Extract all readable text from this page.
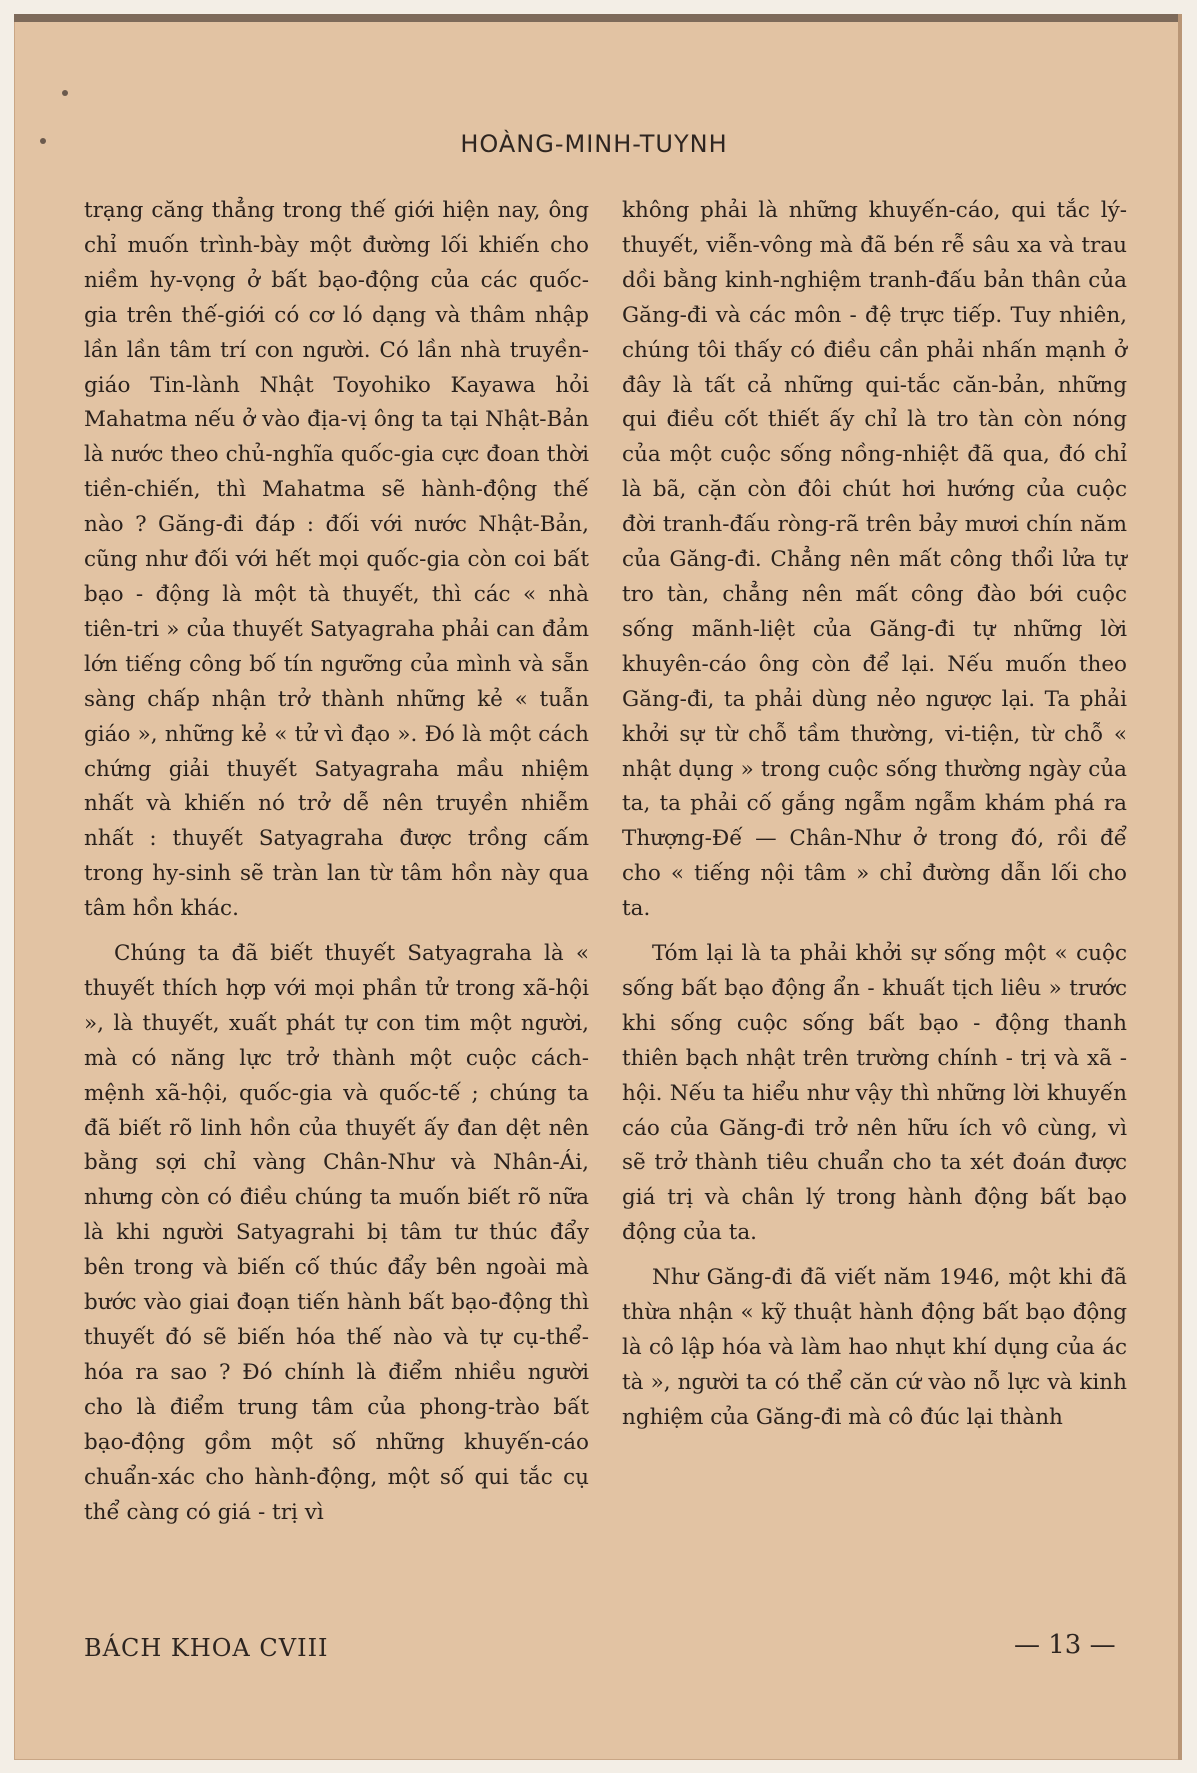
HOÀNG-MINH-TUYNH

trạng căng thẳng trong thế giới hiện nay, ông chỉ muốn trình-bày một đường lối khiến cho niềm hy-vọng ở bất bạo-động của các quốc-gia trên thế-giới có cơ ló dạng và thâm nhập lần lần tâm trí con người. Có lần nhà truyền-giáo Tin-lành Nhật Toyohiko Kayawa hỏi Mahatma nếu ở vào địa-vị ông ta tại Nhật-Bản là nước theo chủ-nghĩa quốc-gia cực đoan thời tiền-chiến, thì Mahatma sẽ hành-động thế nào ? Găng-đi đáp : đối với nước Nhật-Bản, cũng như đối với hết mọi quốc-gia còn coi bất bạo - động là một tà thuyết, thì các « nhà tiên-tri » của thuyết Satyagraha phải can đảm lớn tiếng công bố tín ngưỡng của mình và sẵn sàng chấp nhận trở thành những kẻ « tuẫn giáo », những kẻ « tử vì đạo ». Đó là một cách chứng giải thuyết Satyagraha mầu nhiệm nhất và khiến nó trở dễ nên truyền nhiễm nhất : thuyết Satyagraha được trồng cấm trong hy-sinh sẽ tràn lan từ tâm hồn này qua tâm hồn khác.

Chúng ta đã biết thuyết Satyagraha là « thuyết thích hợp với mọi phần tử trong xã-hội », là thuyết, xuất phát tự con tim một người, mà có năng lực trở thành một cuộc cách-mệnh xã-hội, quốc-gia và quốc-tế ; chúng ta đã biết rõ linh hồn của thuyết ấy đan dệt nên bằng sợi chỉ vàng Chân-Như và Nhân-Ái, nhưng còn có điều chúng ta muốn biết rõ nữa là khi người Satyagrahi bị tâm tư thúc đẩy bên trong và biến cố thúc đẩy bên ngoài mà bước vào giai đoạn tiến hành bất bạo-động thì thuyết đó sẽ biến hóa thế nào và tự cụ-thể-hóa ra sao ? Đó chính là điểm nhiều người cho là điểm trung tâm của phong-trào bất bạo-động gồm một số những khuyến-cáo chuẩn-xác cho hành-động, một số qui tắc cụ thể càng có giá - trị vì

không phải là những khuyến-cáo, qui tắc lý-thuyết, viễn-vông mà đã bén rễ sâu xa và trau dồi bằng kinh-nghiệm tranh-đấu bản thân của Găng-đi và các môn - đệ trực tiếp. Tuy nhiên, chúng tôi thấy có điều cần phải nhấn mạnh ở đây là tất cả những qui-tắc căn-bản, những qui điều cốt thiết ấy chỉ là tro tàn còn nóng của một cuộc sống nồng-nhiệt đã qua, đó chỉ là bã, cặn còn đôi chút hơi hướng của cuộc đời tranh-đấu ròng-rã trên bảy mươi chín năm của Găng-đi. Chẳng nên mất công thổi lửa tự tro tàn, chẳng nên mất công đào bới cuộc sống mãnh-liệt của Găng-đi tự những lời khuyên-cáo ông còn để lại. Nếu muốn theo Găng-đi, ta phải dùng nẻo ngược lại. Ta phải khởi sự từ chỗ tầm thường, vi-tiện, từ chỗ « nhật dụng » trong cuộc sống thường ngày của ta, ta phải cố gắng ngẫm ngẫm khám phá ra Thượng-Đế — Chân-Như ở trong đó, rồi để cho « tiếng nội tâm » chỉ đường dẫn lối cho ta.

Tóm lại là ta phải khởi sự sống một « cuộc sống bất bạo động ẩn - khuất tịch liêu » trước khi sống cuộc sống bất bạo - động thanh thiên bạch nhật trên trường chính - trị và xã - hội. Nếu ta hiểu như vậy thì những lời khuyến cáo của Găng-đi trở nên hữu ích vô cùng, vì sẽ trở thành tiêu chuẩn cho ta xét đoán được giá trị và chân lý trong hành động bất bạo động của ta.

Như Găng-đi đã viết năm 1946, một khi đã thừa nhận « kỹ thuật hành động bất bạo động là cô lập hóa và làm hao nhụt khí dụng của ác tà », người ta có thể căn cứ vào nỗ lực và kinh nghiệm của Găng-đi mà cô đúc lại thành

BÁCH KHOA CVIII	— 13 —
